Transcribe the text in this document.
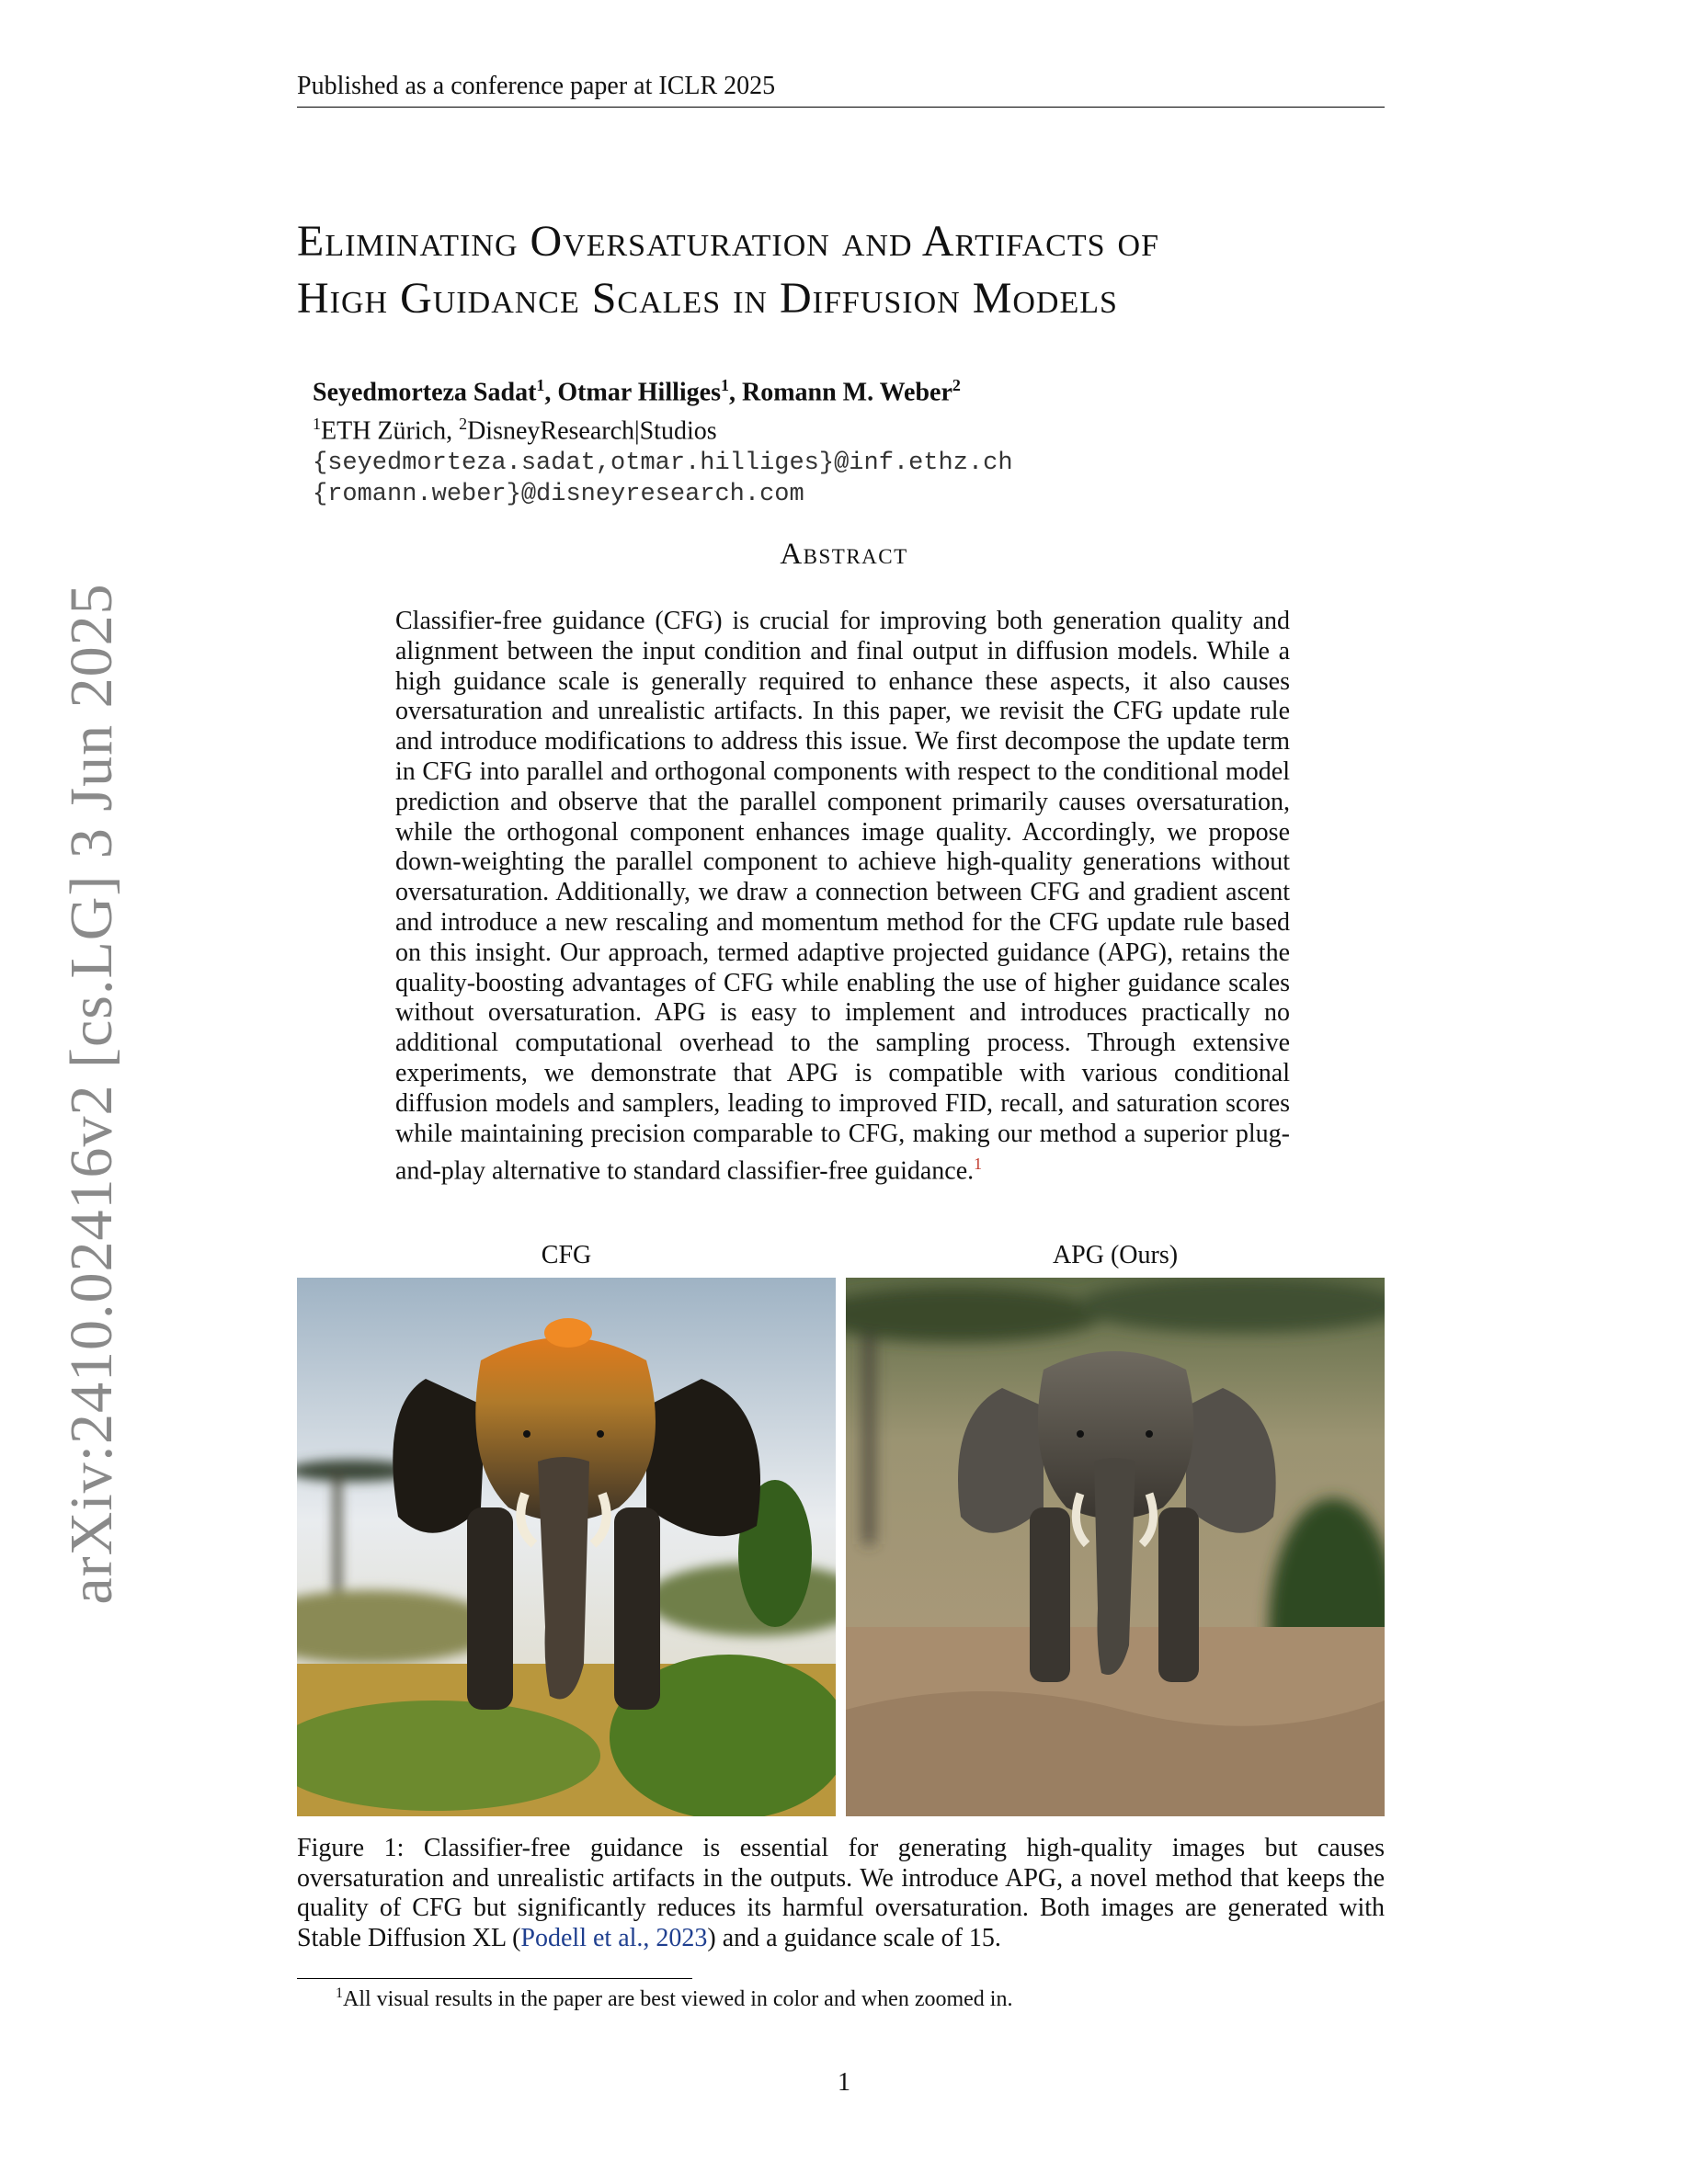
Published as a conference paper at ICLR 2025
arXiv:2410.02416v2 [cs.LG] 3 Jun 2025
Eliminating Oversaturation and Artifacts of
High Guidance Scales in Diffusion Models
Seyedmorteza Sadat$^1$, Otmar Hilliges$^1$, Romann M. Weber$^2$
$^1$ETH Zürich, $^2$DisneyResearch|Studios
{seyedmorteza.sadat,otmar.hilliges}@inf.ethz.ch
{romann.weber}@disneyresearch.com
Abstract
Classifier-free guidance (CFG) is crucial for improving both generation quality and alignment between the input condition and final output in diffusion models. While a high guidance scale is generally required to enhance these aspects, it also causes oversaturation and unrealistic artifacts. In this paper, we revisit the CFG update rule and introduce modifications to address this issue. We first decompose the update term in CFG into parallel and orthogonal components with respect to the conditional model prediction and observe that the parallel component primarily causes oversaturation, while the orthogonal component enhances image quality. Accordingly, we propose down-weighting the parallel component to achieve high-quality generations without oversaturation. Additionally, we draw a connection between CFG and gradient ascent and introduce a new rescaling and momentum method for the CFG update rule based on this insight. Our approach, termed adaptive projected guidance (APG), retains the quality-boosting advantages of CFG while enabling the use of higher guidance scales without oversaturation. APG is easy to implement and introduces practically no additional computational overhead to the sampling process. Through extensive experiments, we demonstrate that APG is compatible with various conditional diffusion models and samplers, leading to improved FID, recall, and saturation scores while maintaining precision comparable to CFG, making our method a superior plug-and-play alternative to standard classifier-free guidance.$^1$
CFG	APG (Ours)
Figure 1: Classifier-free guidance is essential for generating high-quality images but causes oversaturation and unrealistic artifacts in the outputs. We introduce APG, a novel method that keeps the quality of CFG but significantly reduces its harmful oversaturation. Both images are generated with Stable Diffusion XL (Podell et al., 2023) and a guidance scale of 15.
$^1$All visual results in the paper are best viewed in color and when zoomed in.
1
